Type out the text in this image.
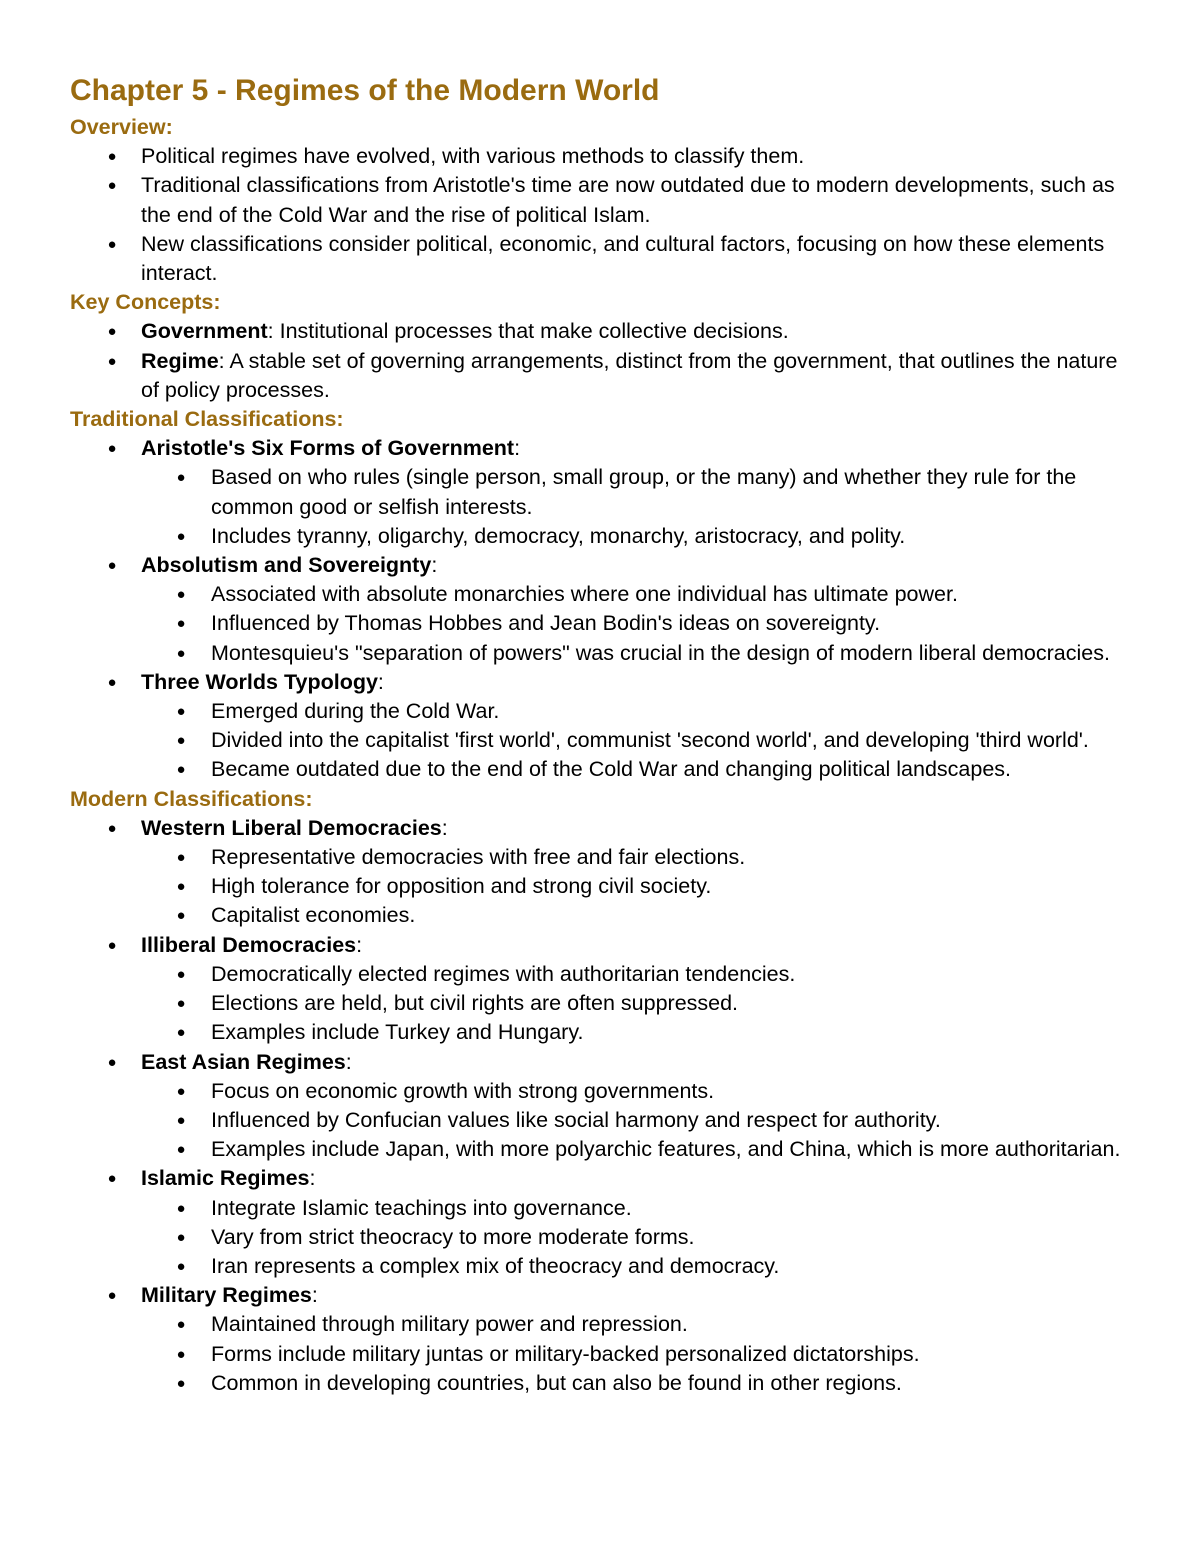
Chapter 5 - Regimes of the Modern World
Overview:
● Political regimes have evolved, with various methods to classify them.
● Traditional classifications from Aristotle's time are now outdated due to modern developments, such as the end of the Cold War and the rise of political Islam.
● New classifications consider political, economic, and cultural factors, focusing on how these elements interact.
Key Concepts:
● Government: Institutional processes that make collective decisions.
● Regime: A stable set of governing arrangements, distinct from the government, that outlines the nature of policy processes.
Traditional Classifications:
● Aristotle's Six Forms of Government:
● Based on who rules (single person, small group, or the many) and whether they rule for the common good or selfish interests.
● Includes tyranny, oligarchy, democracy, monarchy, aristocracy, and polity.
● Absolutism and Sovereignty:
● Associated with absolute monarchies where one individual has ultimate power.
● Influenced by Thomas Hobbes and Jean Bodin's ideas on sovereignty.
● Montesquieu's "separation of powers" was crucial in the design of modern liberal democracies.
● Three Worlds Typology:
● Emerged during the Cold War.
● Divided into the capitalist 'first world', communist 'second world', and developing 'third world'.
● Became outdated due to the end of the Cold War and changing political landscapes.
Modern Classifications:
● Western Liberal Democracies:
● Representative democracies with free and fair elections.
● High tolerance for opposition and strong civil society.
● Capitalist economies.
● Illiberal Democracies:
● Democratically elected regimes with authoritarian tendencies.
● Elections are held, but civil rights are often suppressed.
● Examples include Turkey and Hungary.
● East Asian Regimes:
● Focus on economic growth with strong governments.
● Influenced by Confucian values like social harmony and respect for authority.
● Examples include Japan, with more polyarchic features, and China, which is more authoritarian.
● Islamic Regimes:
● Integrate Islamic teachings into governance.
● Vary from strict theocracy to more moderate forms.
● Iran represents a complex mix of theocracy and democracy.
● Military Regimes:
● Maintained through military power and repression.
● Forms include military juntas or military-backed personalized dictatorships.
● Common in developing countries, but can also be found in other regions.
